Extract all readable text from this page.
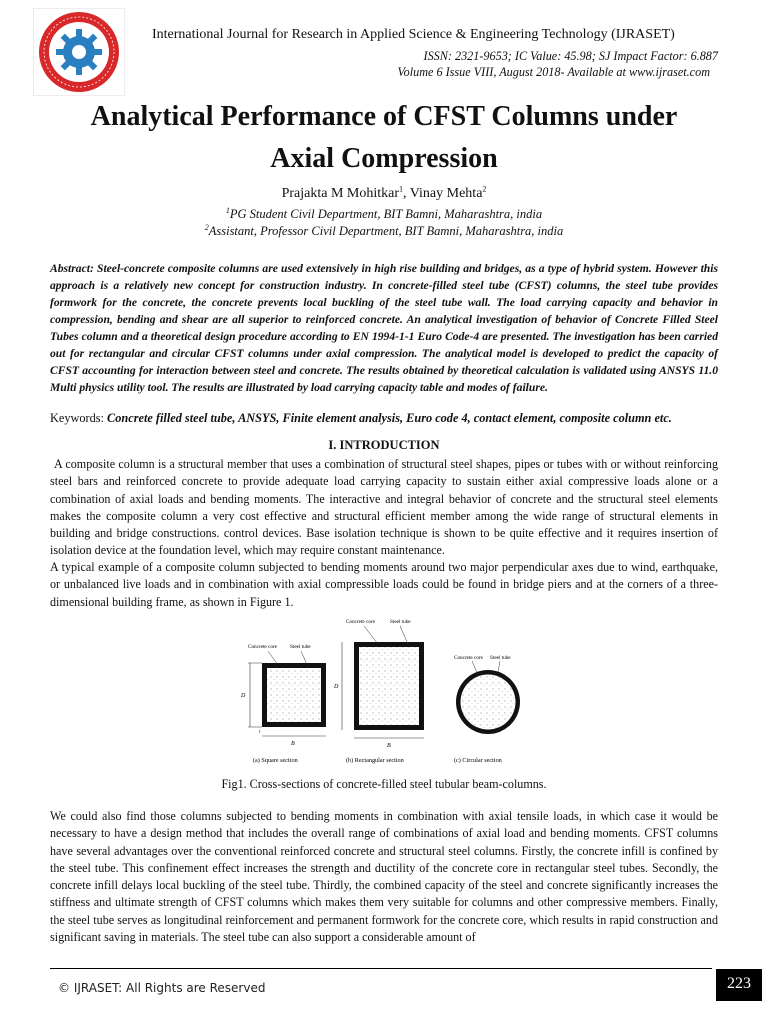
International Journal for Research in Applied Science & Engineering Technology (IJRASET)
ISSN: 2321-9653; IC Value: 45.98; SJ Impact Factor: 6.887
Volume 6 Issue VIII, August 2018- Available at www.ijraset.com
Analytical Performance of CFST Columns under
Axial Compression
Prajakta M Mohitkar$^1$, Vinay Mehta$^2$
$^1$PG Student Civil Department, BIT Bamni, Maharashtra, india
$^2$Assistant, Professor Civil Department, BIT Bamni, Maharashtra, india
Abstract: Steel-concrete composite columns are used extensively in high rise building and bridges, as a type of hybrid system. However this approach is a relatively new concept for construction industry. In concrete-filled steel tube (CFST) columns, the steel tube provides formwork for the concrete, the concrete prevents local buckling of the steel tube wall. The load carrying capacity and behavior in compression, bending and shear are all superior to reinforced concrete. An analytical investigation of behavior of Concrete Filled Steel Tubes column and a theoretical design procedure according to EN 1994-1-1 Euro Code-4 are presented. The investigation has been carried out for rectangular and circular CFST columns under axial compression. The analytical model is developed to predict the capacity of CFST accounting for interaction between steel and concrete. The results obtained by theoretical calculation is validated using ANSYS 11.0 Multi physics utility tool. The results are illustrated by load carrying capacity table and modes of failure.
Keywords: Concrete filled steel tube, ANSYS, Finite element analysis, Euro code 4, contact element, composite column etc.
I. INTRODUCTION

A composite column is a structural member that uses a combination of structural steel shapes, pipes or tubes with or without reinforcing steel bars and reinforced concrete to provide adequate load carrying capacity to sustain either axial compressive loads alone or a combination of axial loads and bending moments. The interactive and integral behavior of concrete and the structural steel elements makes the composite column a very cost effective and structural efficient member among the wide range of structural elements in building and bridge constructions. control devices. Base isolation technique is shown to be quite effective and it requires insertion of isolation device at the foundation level, which may require constant maintenance.

A typical example of a composite column subjected to bending moments around two major perpendicular axes due to wind, earthquake, or unbalanced live loads and in combination with axial compressible loads could be found in bridge piers and at the corners of a three-dimensional building frame, as shown in Figure 1.

Concrete core	Steel tube
D
B
t
(a) Square section
Concrete core	Steel tube
D
B
(b) Rectangular section
Concrete core Steel tube
(c) Circular section
Fig1. Cross-sections of concrete-filled steel tubular beam-columns.

We could also find those columns subjected to bending moments in combination with axial tensile loads, in which case it would be necessary to have a design method that includes the overall range of combinations of axial load and bending moments. CFST columns have several advantages over the conventional reinforced concrete and structural steel columns. Firstly, the concrete infill is confined by the steel tube. This confinement effect increases the strength and ductility of the concrete core in rectangular steel tubes. Secondly, the concrete infill delays local buckling of the steel tube. Thirdly, the combined capacity of the steel and concrete significantly increases the stiffness and ultimate strength of CFST columns which makes them very suitable for columns and other compressive members. Finally, the steel tube serves as longitudinal reinforcement and permanent formwork for the concrete core, which results in rapid construction and significant saving in materials. The steel tube can also support a considerable amount of

© IJRASET: All Rights are Reserved	223
